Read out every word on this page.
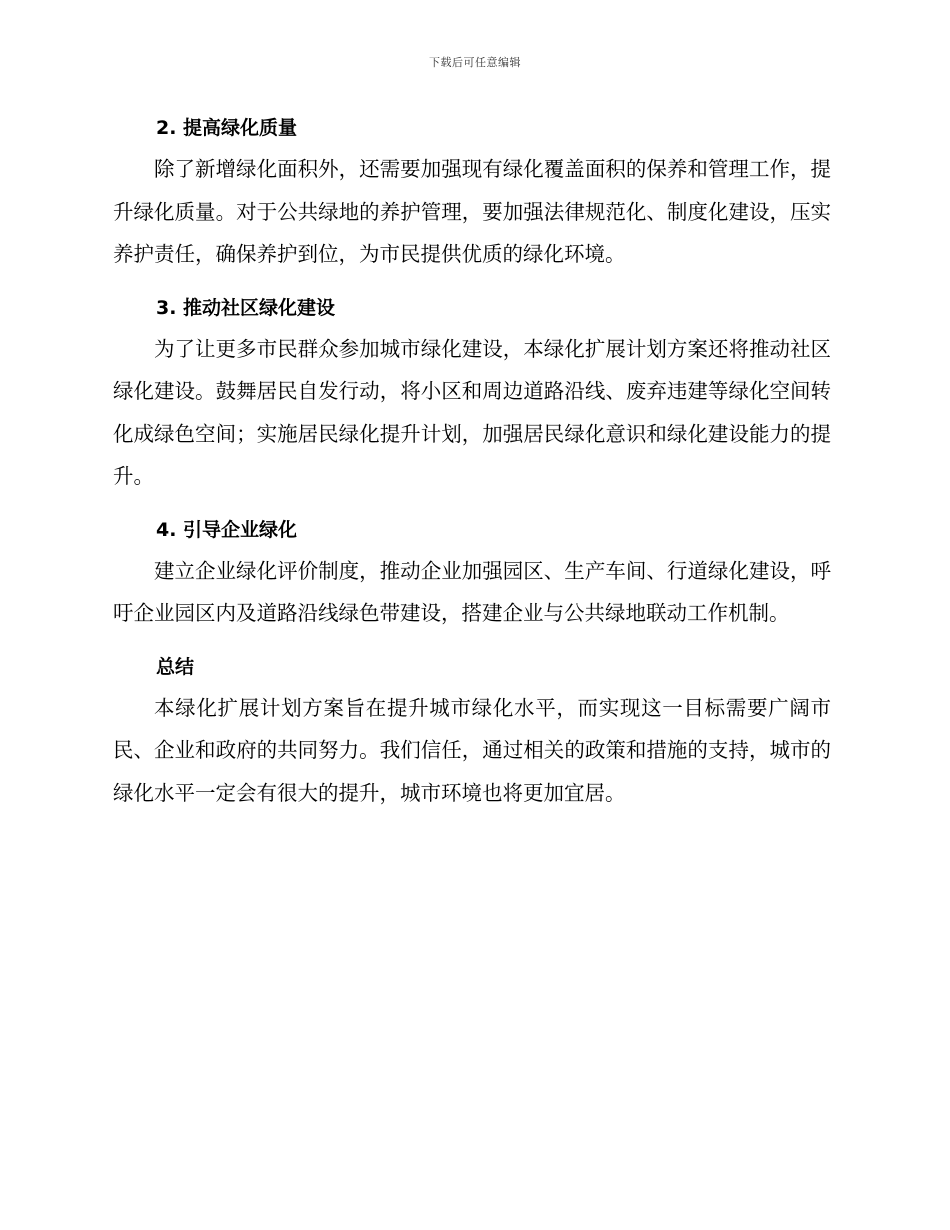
下载后可任意编辑
2. 提高绿化质量

除了新增绿化面积外，还需要加强现有绿化覆盖面积的保养和管理工作，提升绿化质量。对于公共绿地的养护管理，要加强法律规范化、制度化建设，压实养护责任，确保养护到位，为市民提供优质的绿化环境。

3. 推动社区绿化建设

为了让更多市民群众参加城市绿化建设，本绿化扩展计划方案还将推动社区绿化建设。鼓舞居民自发行动，将小区和周边道路沿线、废弃违建等绿化空间转化成绿色空间；实施居民绿化提升计划，加强居民绿化意识和绿化建设能力的提升。

4. 引导企业绿化

建立企业绿化评价制度，推动企业加强园区、生产车间、行道绿化建设，呼吁企业园区内及道路沿线绿色带建设，搭建企业与公共绿地联动工作机制。

总结

本绿化扩展计划方案旨在提升城市绿化水平，而实现这一目标需要广阔市民、企业和政府的共同努力。我们信任，通过相关的政策和措施的支持，城市的绿化水平一定会有很大的提升，城市环境也将更加宜居。
